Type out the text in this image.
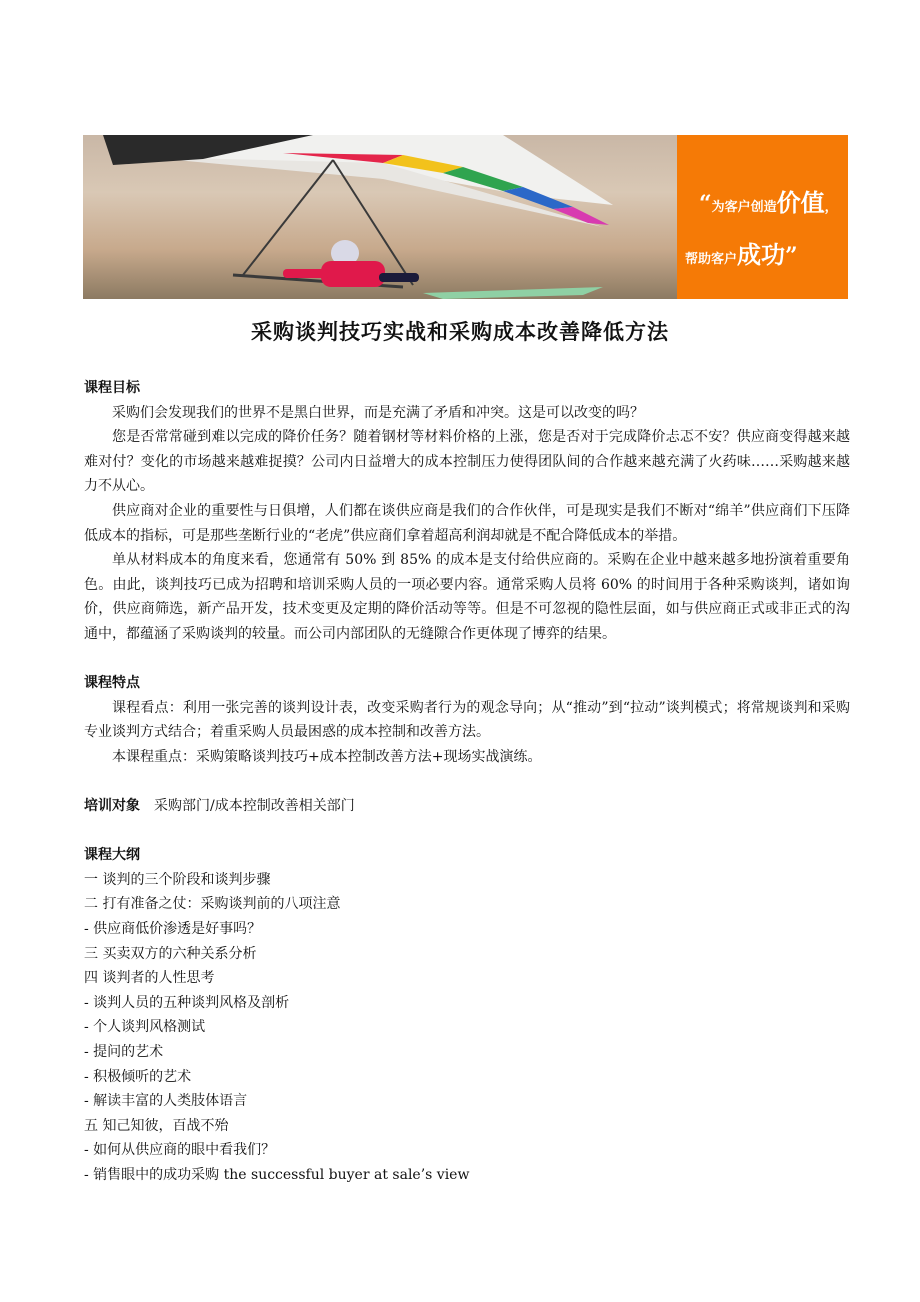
“为客户创造价值，
帮助客户成功”
采购谈判技巧实战和采购成本改善降低方法
课程目标

采购们会发现我们的世界不是黑白世界，而是充满了矛盾和冲突。这是可以改变的吗？

您是否常常碰到难以完成的降价任务？随着钢材等材料价格的上涨，您是否对于完成降价忐忑不安？供应商变得越来越难对付？变化的市场越来越难捉摸？公司内日益增大的成本控制压力使得团队间的合作越来越充满了火药味……采购越来越力不从心。

供应商对企业的重要性与日俱增，人们都在谈供应商是我们的合作伙伴，可是现实是我们不断对“绵羊”供应商们下压降低成本的指标，可是那些垄断行业的“老虎”供应商们拿着超高利润却就是不配合降低成本的举措。

单从材料成本的角度来看，您通常有 50% 到 85% 的成本是支付给供应商的。采购在企业中越来越多地扮演着重要角色。由此，谈判技巧已成为招聘和培训采购人员的一项必要内容。通常采购人员将 60% 的时间用于各种采购谈判，诸如询价，供应商筛选，新产品开发，技术变更及定期的降价活动等等。但是不可忽视的隐性层面，如与供应商正式或非正式的沟通中，都蕴涵了采购谈判的较量。而公司内部团队的无缝隙合作更体现了博弈的结果。

课程特点

课程看点：利用一张完善的谈判设计表，改变采购者行为的观念导向；从“推动”到“拉动”谈判模式；将常规谈判和采购专业谈判方式结合；着重采购人员最困惑的成本控制和改善方法。

本课程重点：采购策略谈判技巧+成本控制改善方法+现场实战演练。

培训对象 采购部门/成本控制改善相关部门
课程大纲
一 谈判的三个阶段和谈判步骤
二 打有准备之仗：采购谈判前的八项注意
- 供应商低价渗透是好事吗？
三 买卖双方的六种关系分析
四 谈判者的人性思考
- 谈判人员的五种谈判风格及剖析
- 个人谈判风格测试
- 提问的艺术
- 积极倾听的艺术
- 解读丰富的人类肢体语言
五 知己知彼，百战不殆
- 如何从供应商的眼中看我们？
- 销售眼中的成功采购 the successful buyer at sale’s view
